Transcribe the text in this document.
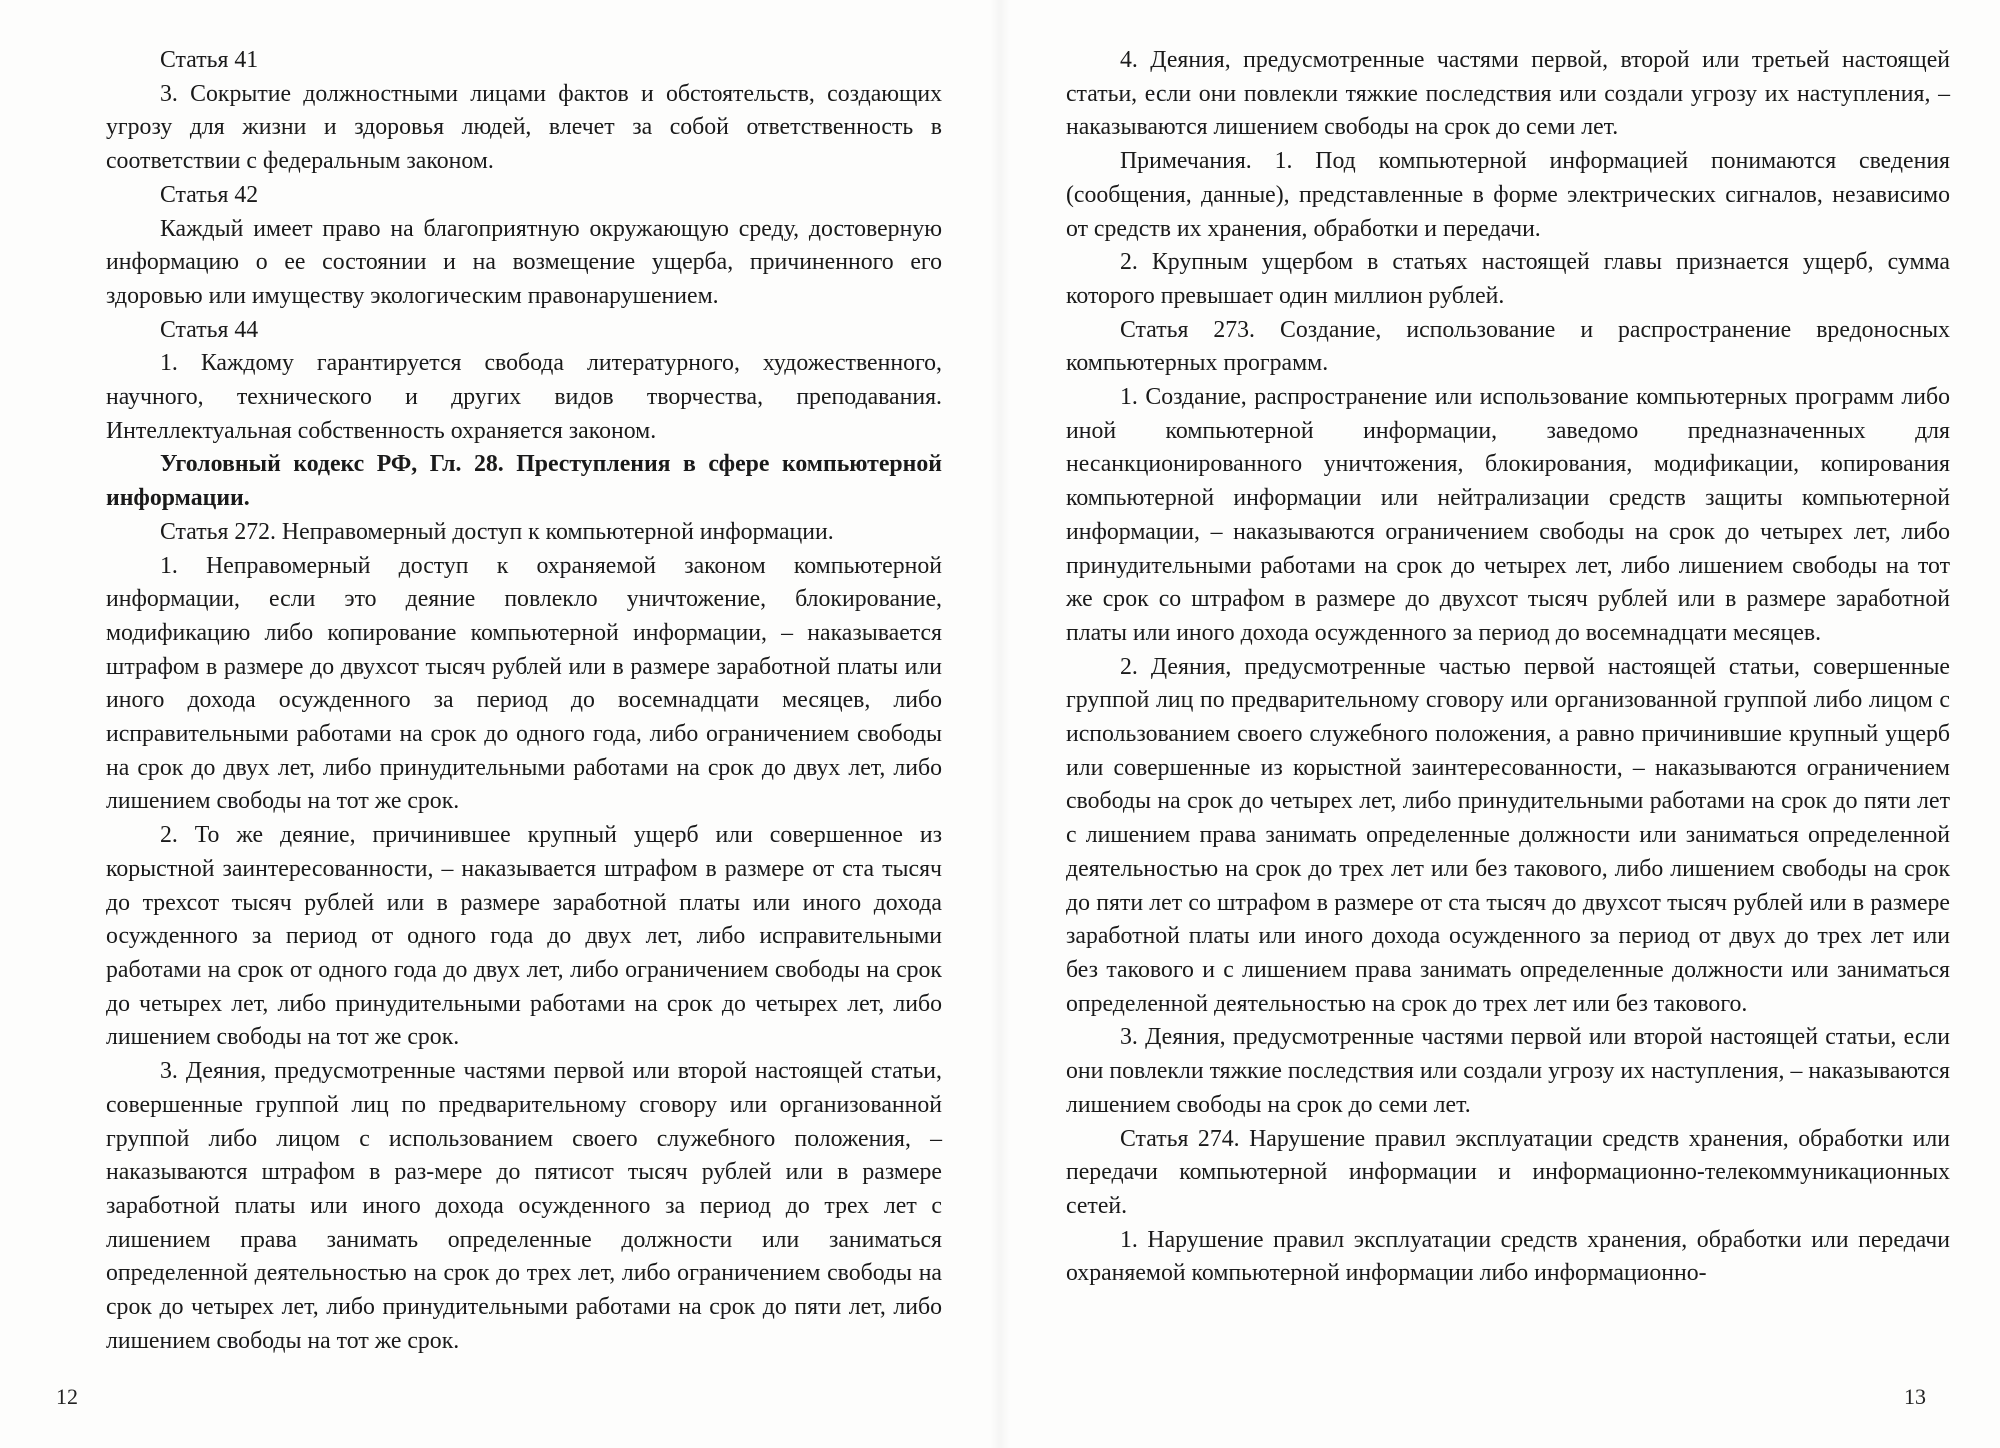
Статья 41

3. Сокрытие должностными лицами фактов и обстоятельств, создающих угрозу для жизни и здоровья людей, влечет за собой ответственность в соответствии с федеральным законом.

Статья 42

Каждый имеет право на благоприятную окружающую среду, достоверную информацию о ее состоянии и на возмещение ущерба, причиненного его здоровью или имуществу экологическим правонарушением.

Статья 44

1. Каждому гарантируется свобода литературного, художественного, научного, технического и других видов творчества, преподавания. Интеллектуальная собственность охраняется законом.

Уголовный кодекс РФ, Гл. 28. Преступления в сфере компьютерной информации.

Статья 272. Неправомерный доступ к компьютерной информации.

1. Неправомерный доступ к охраняемой законом компьютерной информации, если это деяние повлекло уничтожение, блокирование, модификацию либо копирование компьютерной информации, – наказывается штрафом в размере до двухсот тысяч рублей или в размере заработной платы или иного дохода осужденного за период до восемнадцати месяцев, либо исправительными работами на срок до одного года, либо ограничением свободы на срок до двух лет, либо принудительными работами на срок до двух лет, либо лишением свободы на тот же срок.

2. То же деяние, причинившее крупный ущерб или совершенное из корыстной заинтересованности, – наказывается штрафом в размере от ста тысяч до трехсот тысяч рублей или в размере заработной платы или иного дохода осужденного за период от одного года до двух лет, либо исправительными работами на срок от одного года до двух лет, либо ограничением свободы на срок до четырех лет, либо принудительными работами на срок до четырех лет, либо лишением свободы на тот же срок.

3. Деяния, предусмотренные частями первой или второй настоящей статьи, совершенные группой лиц по предварительному сговору или организованной группой либо лицом с использованием своего служебного положения, – наказываются штрафом в раз-мере до пятисот тысяч рублей или в размере заработной платы или иного дохода осужденного за период до трех лет с лишением права занимать определенные должности или заниматься определенной деятельностью на срок до трех лет, либо ограничением свободы на срок до четырех лет, либо принудительными работами на срок до пяти лет, либо лишением свободы на тот же срок.

4. Деяния, предусмотренные частями первой, второй или третьей настоящей статьи, если они повлекли тяжкие последствия или создали угрозу их наступления, – наказываются лишением свободы на срок до семи лет.

Примечания. 1. Под компьютерной информацией понимаются сведения (сообщения, данные), представленные в форме электрических сигналов, независимо от средств их хранения, обработки и передачи.

2. Крупным ущербом в статьях настоящей главы признается ущерб, сумма которого превышает один миллион рублей.

Статья 273. Создание, использование и распространение вредоносных компьютерных программ.

1. Создание, распространение или использование компьютерных программ либо иной компьютерной информации, заведомо предназначенных для несанкционированного уничтожения, блокирования, модификации, копирования компьютерной информации или нейтрализации средств защиты компьютерной информации, – наказываются ограничением свободы на срок до четырех лет, либо принудительными работами на срок до четырех лет, либо лишением свободы на тот же срок со штрафом в размере до двухсот тысяч рублей или в размере заработной платы или иного дохода осужденного за период до восемнадцати месяцев.

2. Деяния, предусмотренные частью первой настоящей статьи, совершенные группой лиц по предварительному сговору или организованной группой либо лицом с использованием своего служебного положения, а равно причинившие крупный ущерб или совершенные из корыстной заинтересованности, – наказываются ограничением свободы на срок до четырех лет, либо принудительными работами на срок до пяти лет с лишением права занимать определенные должности или заниматься определенной деятельностью на срок до трех лет или без такового, либо лишением свободы на срок до пяти лет со штрафом в размере от ста тысяч до двухсот тысяч рублей или в размере заработной платы или иного дохода осужденного за период от двух до трех лет или без такового и с лишением права занимать определенные должности или заниматься определенной деятельностью на срок до трех лет или без такового.

3. Деяния, предусмотренные частями первой или второй настоящей статьи, если они повлекли тяжкие последствия или создали угрозу их наступления, – наказываются лишением свободы на срок до семи лет.

Статья 274. Нарушение правил эксплуатации средств хранения, обработки или передачи компьютерной информации и информационно-телекоммуникационных сетей.

1. Нарушение правил эксплуатации средств хранения, обработки или передачи охраняемой компьютерной информации либо информационно-

12	13
